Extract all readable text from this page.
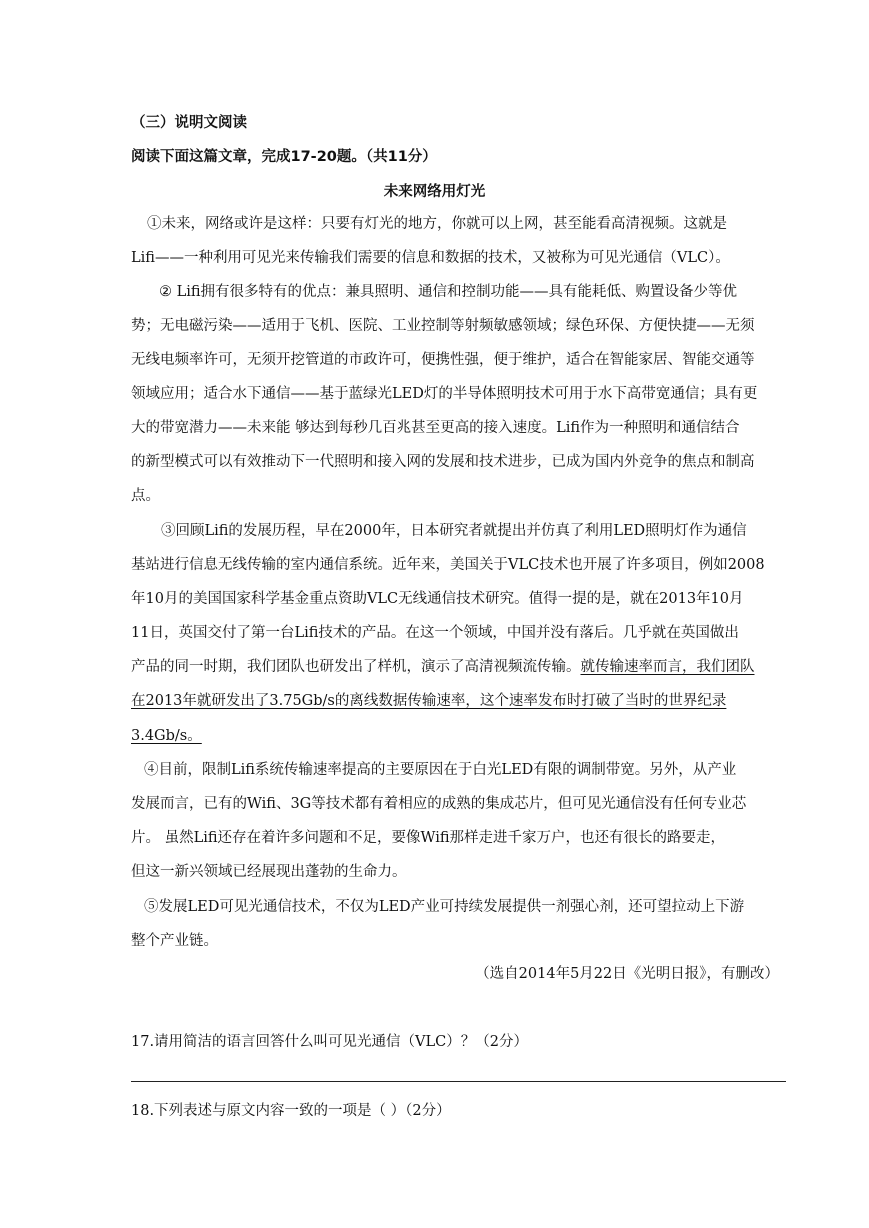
（三）说明文阅读
阅读下面这篇文章，完成17-20题。（共11分）
未来网络用灯光
①未来，网络或许是这样：只要有灯光的地方，你就可以上网，甚至能看高清视频。这就是
Lifi——一种利用可见光来传输我们需要的信息和数据的技术，又被称为可见光通信（VLC）。
② Lifi拥有很多特有的优点：兼具照明、通信和控制功能——具有能耗低、购置设备少等优
势；无电磁污染——适用于飞机、医院、工业控制等射频敏感领域；绿色环保、方便快捷——无须
无线电频率许可，无须开挖管道的市政许可，便携性强，便于维护，适合在智能家居、智能交通等
领域应用；适合水下通信——基于蓝绿光LED灯的半导体照明技术可用于水下高带宽通信；具有更
大的带宽潜力——未来能 够达到每秒几百兆甚至更高的接入速度。Lifi作为一种照明和通信结合
的新型模式可以有效推动下一代照明和接入网的发展和技术进步，已成为国内外竞争的焦点和制高
点。
③回顾Lifi的发展历程，早在2000年，日本研究者就提出并仿真了利用LED照明灯作为通信
基站进行信息无线传输的室内通信系统。近年来，美国关于VLC技术也开展了许多项目，例如2008
年10月的美国国家科学基金重点资助VLC无线通信技术研究。值得一提的是，就在2013年10月
11日，英国交付了第一台Lifi技术的产品。在这一个领域，中国并没有落后。几乎就在英国做出
产品的同一时期，我们团队也研发出了样机，演示了高清视频流传输。就传输速率而言，我们团队
在2013年就研发出了3.75Gb/s的离线数据传输速率，这个速率发布时打破了当时的世界纪录
3.4Gb/s。
④目前，限制Lifi系统传输速率提高的主要原因在于白光LED有限的调制带宽。另外，从产业
发展而言，已有的Wifi、3G等技术都有着相应的成熟的集成芯片，但可见光通信没有任何专业芯
片。 虽然Lifi还存在着许多问题和不足，要像Wifi那样走进千家万户，也还有很长的路要走，
但这一新兴领域已经展现出蓬勃的生命力。
⑤发展LED可见光通信技术，不仅为LED产业可持续发展提供一剂强心剂，还可望拉动上下游
整个产业链。
（选自2014年5月22日《光明日报》，有删改）
17.请用简洁的语言回答什么叫可见光通信（VLC）？（2分）
18.下列表述与原文内容一致的一项是（ ）（2分）
